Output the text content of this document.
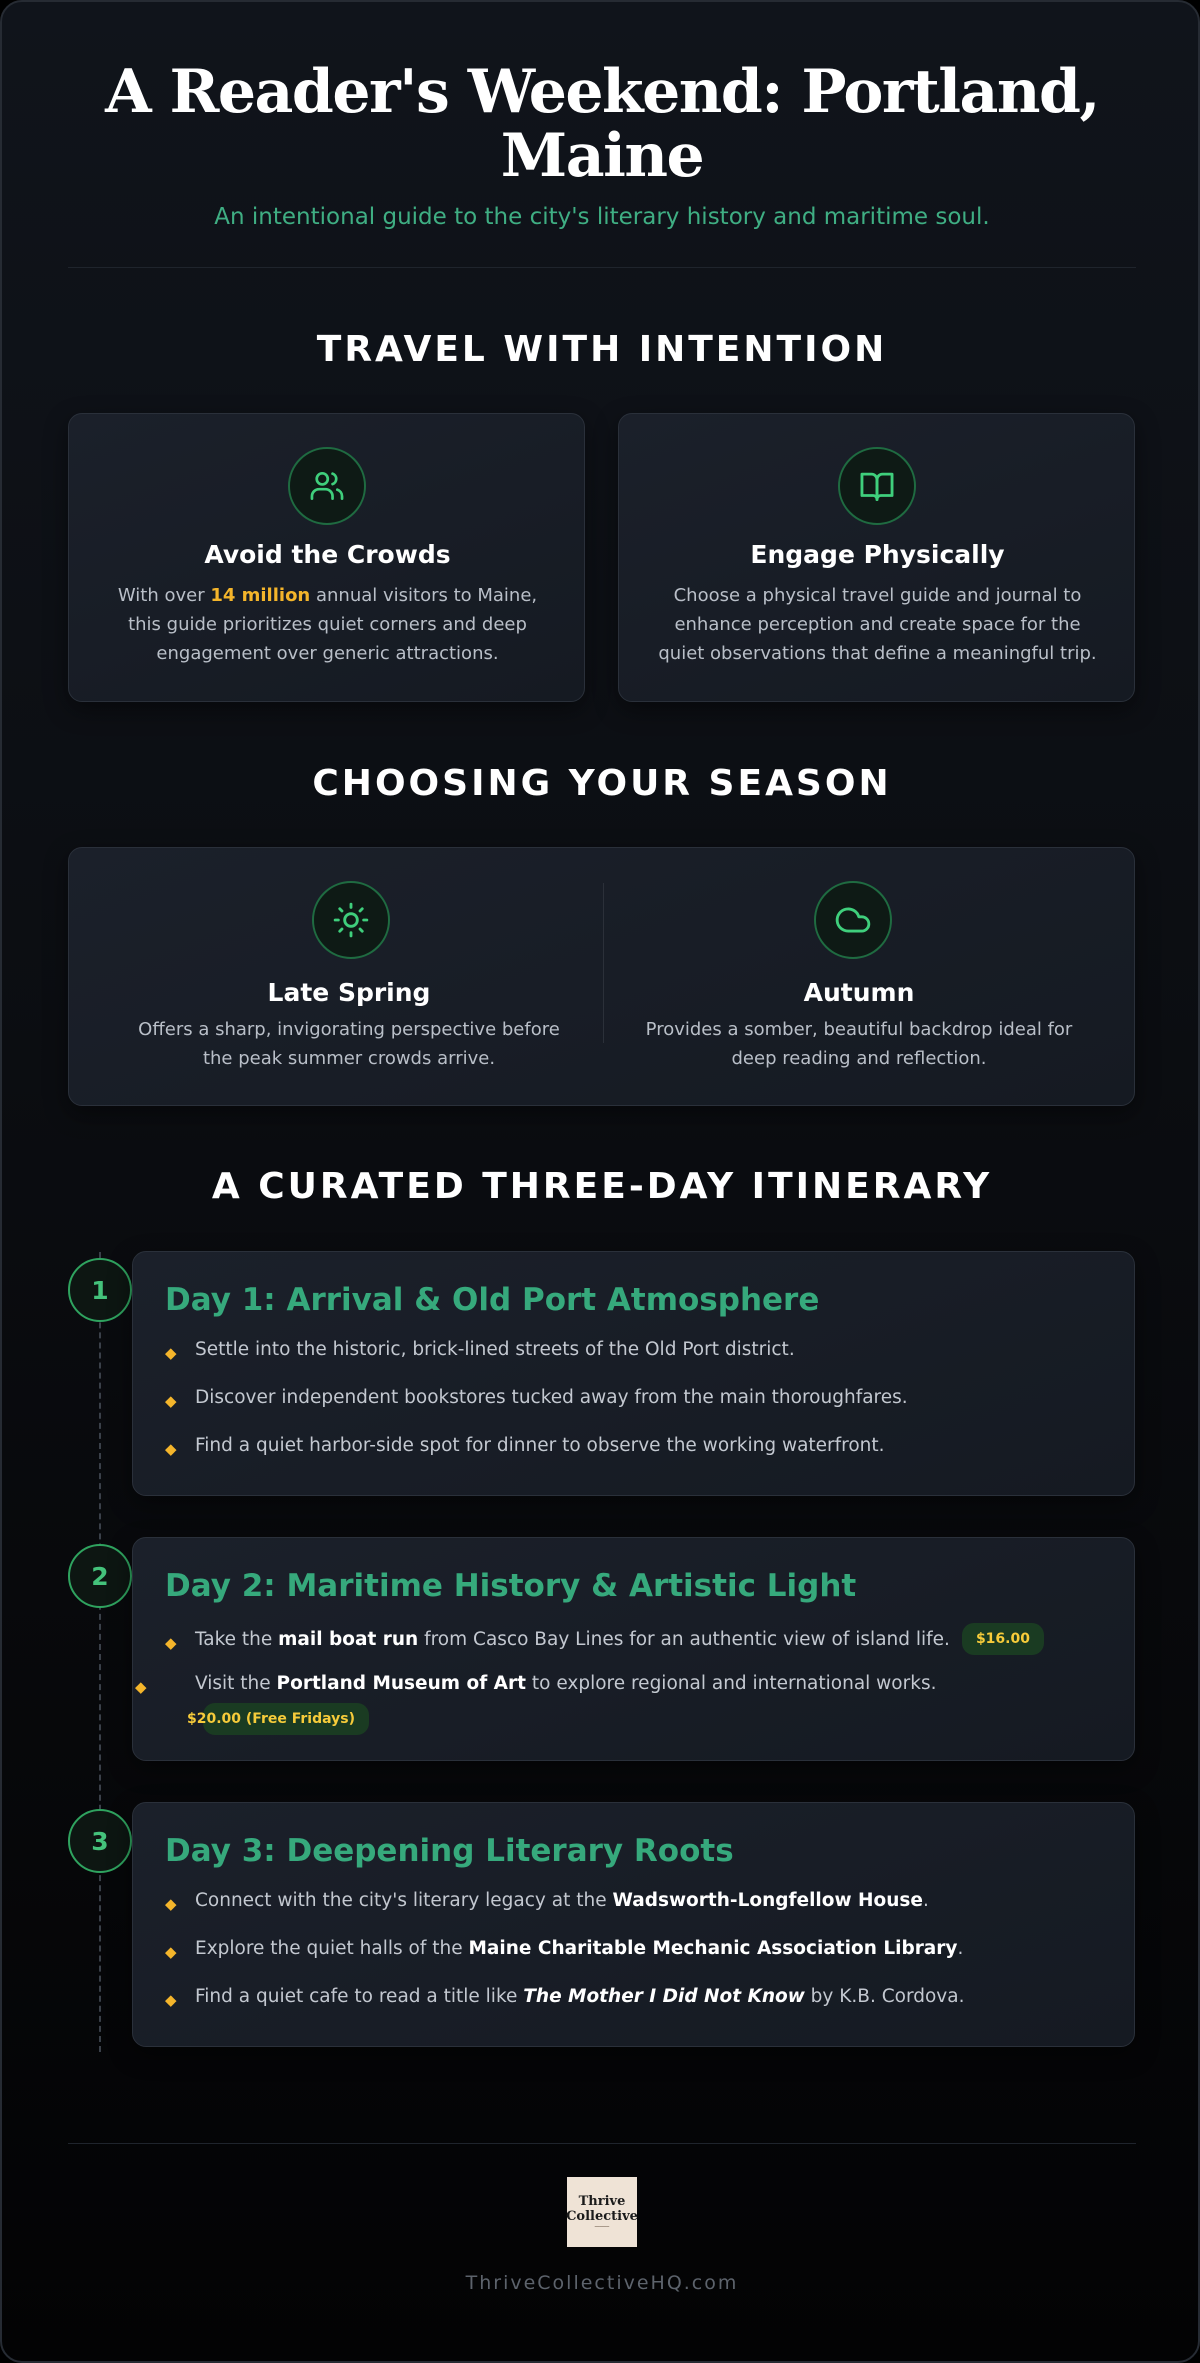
A Reader's Weekend: Portland, Maine

An intentional guide to the city's literary history and maritime soul.

TRAVEL WITH INTENTION
Avoid the Crowds
With over 14 million annual visitors to Maine, this guide prioritizes quiet corners and deep engagement over generic attractions.
Engage Physically
Choose a physical travel guide and journal to enhance perception and create space for the quiet observations that define a meaningful trip.
CHOOSING YOUR SEASON
Late Spring
Offers a sharp, invigorating perspective before the peak summer crowds arrive.
Autumn
Provides a somber, beautiful backdrop ideal for deep reading and reflection.
A CURATED THREE-DAY ITINERARY
1	Day 1: Arrival & Old Port Atmosphere
◆ Settle into the historic, brick-lined streets of the Old Port district.
◆ Discover independent bookstores tucked away from the main thoroughfares.
◆ Find a quiet harbor-side spot for dinner to observe the working waterfront.
2	Day 2: Maritime History & Artistic Light
◆ Take the mail boat run from Casco Bay Lines for an authentic view of island life. $16.00
◆	Visit the Portland Museum of Art to explore regional and international works.
$20.00 (Free Fridays)
3	Day 3: Deepening Literary Roots
◆ Connect with the city's literary legacy at the Wadsworth-Longfellow House.
◆ Explore the quiet halls of the Maine Charitable Mechanic Association Library.
◆ Find a quiet cafe to read a title like The Mother I Did Not Know by K.B. Cordova.
Thrive
Collective
━━━━━━
ThriveCollectiveHQ.com
